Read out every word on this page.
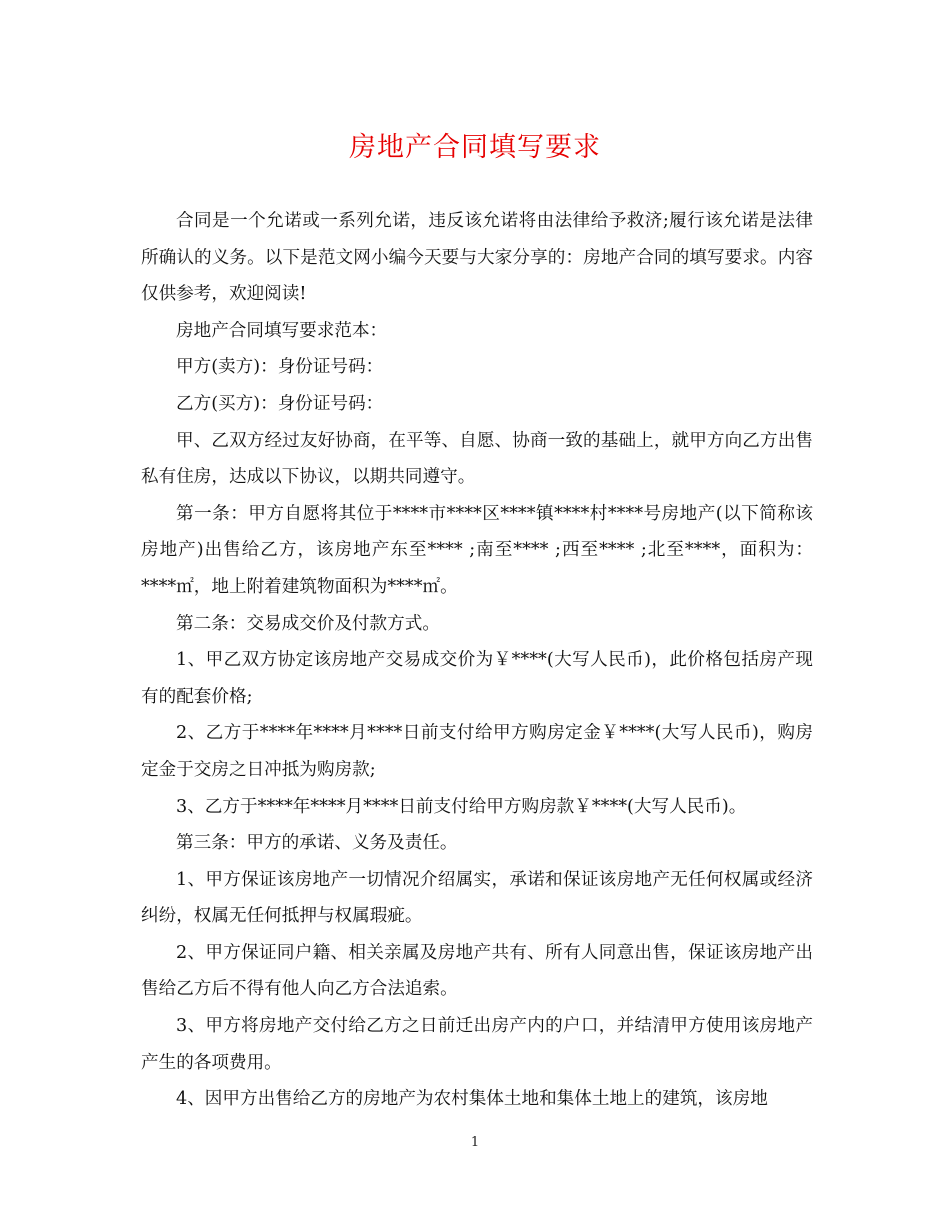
房地产合同填写要求

合同是一个允诺或一系列允诺，违反该允诺将由法律给予救济;履行该允诺是法律所确认的义务。以下是范文网小编今天要与大家分享的：房地产合同的填写要求。内容仅供参考，欢迎阅读!

房地产合同填写要求范本：

甲方(卖方)：身份证号码：

乙方(买方)：身份证号码：

甲、乙双方经过友好协商，在平等、自愿、协商一致的基础上，就甲方向乙方出售私有住房，达成以下协议，以期共同遵守。

第一条：甲方自愿将其位于****市****区****镇****村****号房地产(以下简称该房地产)出售给乙方，该房地产东至**** ;南至**** ;西至**** ;北至****，面积为：****㎡，地上附着建筑物面积为****㎡。

第二条：交易成交价及付款方式。

1、甲乙双方协定该房地产交易成交价为￥****(大写人民币)，此价格包括房产现有的配套价格;

2、乙方于****年****月****日前支付给甲方购房定金￥****(大写人民币)，购房定金于交房之日冲抵为购房款;

3、乙方于****年****月****日前支付给甲方购房款￥****(大写人民币)。

第三条：甲方的承诺、义务及责任。

1、甲方保证该房地产一切情况介绍属实，承诺和保证该房地产无任何权属或经济纠纷，权属无任何抵押与权属瑕疵。

2、甲方保证同户籍、相关亲属及房地产共有、所有人同意出售，保证该房地产出售给乙方后不得有他人向乙方合法追索。

3、甲方将房地产交付给乙方之日前迁出房产内的户口，并结清甲方使用该房地产产生的各项费用。

4、因甲方出售给乙方的房地产为农村集体土地和集体土地上的建筑，该房地

1
